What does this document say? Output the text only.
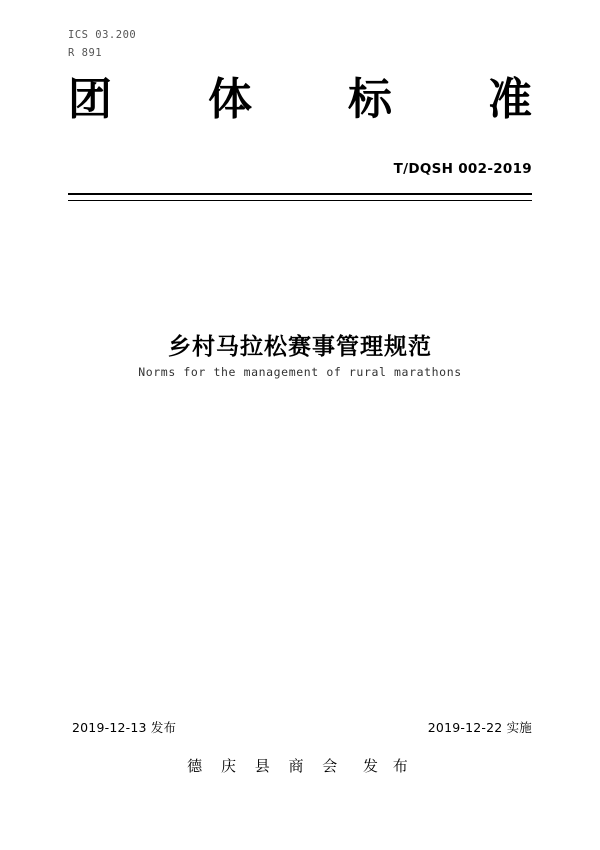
ICS 03.200
R 891
团 体 标 准
T/DQSH 002-2019
乡村马拉松赛事管理规范
Norms for the management of rural marathons
2019-12-13 发布	2019-12-22 实施
德 庆 县 商 会 发 布
